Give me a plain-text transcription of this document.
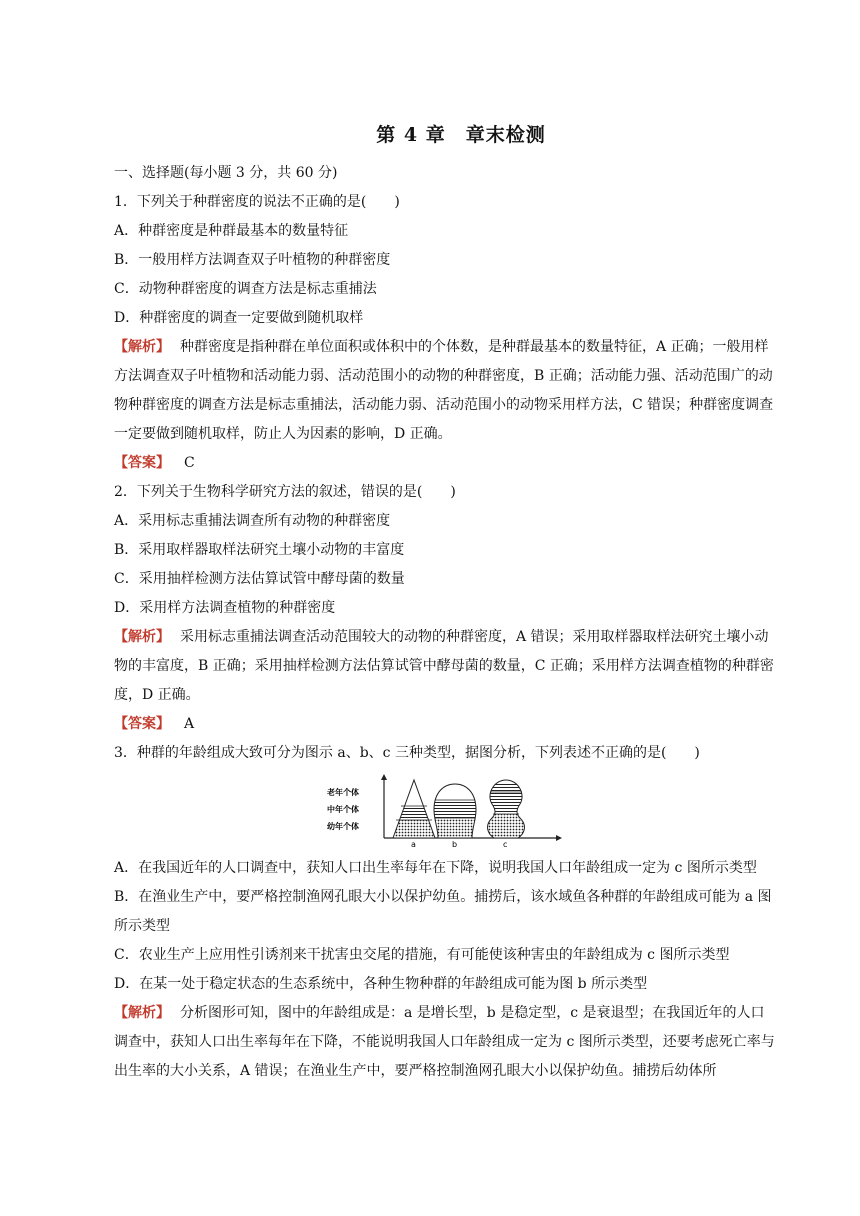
第 4 章　章末检测

一、选择题(每小题 3 分，共 60 分)

1．下列关于种群密度的说法不正确的是(　　)

A．种群密度是种群最基本的数量特征

B．一般用样方法调查双子叶植物的种群密度

C．动物种群密度的调查方法是标志重捕法

D．种群密度的调查一定要做到随机取样

【解析】 种群密度是指种群在单位面积或体积中的个体数，是种群最基本的数量特征，A 正确；一般用样方法调查双子叶植物和活动能力弱、活动范围小的动物的种群密度，B 正确；活动能力强、活动范围广的动物种群密度的调查方法是标志重捕法，活动能力弱、活动范围小的动物采用样方法，C 错误；种群密度调查一定要做到随机取样，防止人为因素的影响，D 正确。

【答案】 C

2．下列关于生物科学研究方法的叙述，错误的是(　　)

A．采用标志重捕法调查所有动物的种群密度

B．采用取样器取样法研究土壤小动物的丰富度

C．采用抽样检测方法估算试管中酵母菌的数量

D．采用样方法调查植物的种群密度

【解析】 采用标志重捕法调查活动范围较大的动物的种群密度，A 错误；采用取样器取样法研究土壤小动物的丰富度，B 正确；采用抽样检测方法估算试管中酵母菌的数量，C 正确；采用样方法调查植物的种群密度，D 正确。

【答案】 A

3．种群的年龄组成大致可分为图示 a、b、c 三种类型，据图分析，下列表述不正确的是(　　)

老年个体
中年个体
幼年个体
a	b	c

A．在我国近年的人口调查中，获知人口出生率每年在下降，说明我国人口年龄组成一定为 c 图所示类型

B．在渔业生产中，要严格控制渔网孔眼大小以保护幼鱼。捕捞后，该水域鱼各种群的年龄组成可能为 a 图所示类型

C．农业生产上应用性引诱剂来干扰害虫交尾的措施，有可能使该种害虫的年龄组成为 c 图所示类型

D．在某一处于稳定状态的生态系统中，各种生物种群的年龄组成可能为图 b 所示类型

【解析】 分析图形可知，图中的年龄组成是：a 是增长型，b 是稳定型，c 是衰退型；在我国近年的人口调查中，获知人口出生率每年在下降，不能说明我国人口年龄组成一定为 c 图所示类型，还要考虑死亡率与出生率的大小关系，A 错误；在渔业生产中，要严格控制渔网孔眼大小以保护幼鱼。捕捞后幼体所
